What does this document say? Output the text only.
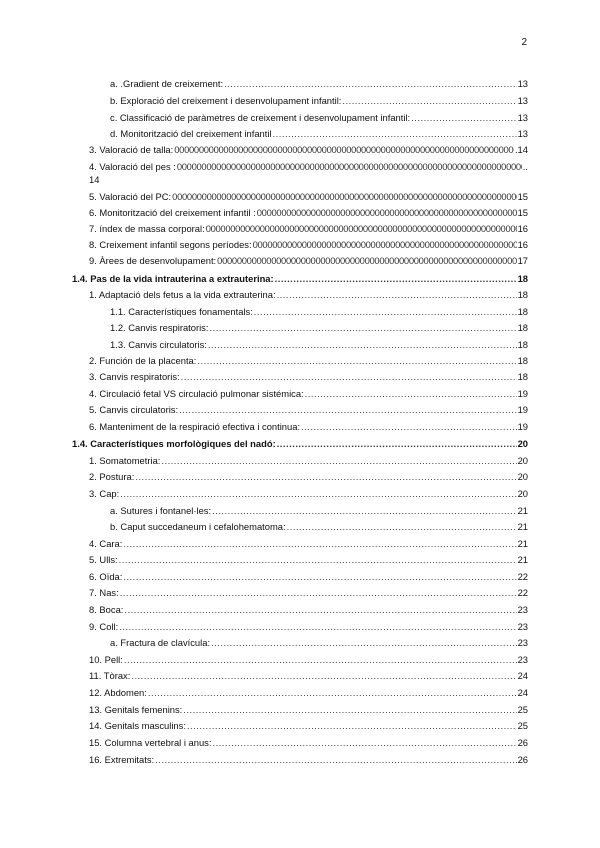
2
a. .Gradient de creixement: .....	13
b. Exploració del creixement i desenvolupament infantil: .....	13
c. Classificació de paràmetres de creixement i desenvolupament infantil: .....	13
d. Monitorització del creixement infantil .....	13
3. Valoració de talla: 00000000000000000000000000000000000000000000000000000000000000000000000000000000000000000000000000000000000000000000000000000000	.14
4. Valoració del pes : 00000000000000000000000000000000000000000000000000000000000000000000000000000000000000000000000000000000000000000000000000000000	..
14
5. Valoració del PC: 00000000000000000000000000000000000000000000000000000000000000000000000000000000000000000000000000000000000000000000000000000000	15
6. Monitorització del creixement infantil : 00000000000000000000000000000000000000000000000000000000000000000000000000000000000000000000000000000000000000000000000000000000	15
7. índex de massa corporal: 00000000000000000000000000000000000000000000000000000000000000000000000000000000000000000000000000000000000000000000000000000000	16
8. Creixement infantil segons períodes: 00000000000000000000000000000000000000000000000000000000000000000000000000000000000000000000000000000000000000000000000000000000	16
9. Àrees de desenvolupament: 00000000000000000000000000000000000000000000000000000000000000000000000000000000000000000000000000000000000000000000000000000000	17
1.4. Pas de la vida intrauterina a extrauterina: .....	18
1. Adaptació dels fetus a la vida extrauterina: .....	18
1.1. Característiques fonamentals: .....	18
1.2. Canvis respiratoris: .....	18
1.3. Canvis circulatoris: .....	18
2. Función de la placenta: .....	18
3. Canvis respiratoris: .....	18
4. Circulació fetal VS circulació pulmonar sistémica: .....	19
5. Canvis circulatoris: .....	19
6. Manteniment de la respiració efectiva i continua: .....	19
1.4. Característiques morfològiques del nadó: .....	20
1. Somatometria: .....	20
2. Postura: .....	20
3. Cap: .....	20
a. Sutures i fontanel·les: .....	21
b. Caput succedaneum i cefalohematoma: .....	21
4. Cara: .....	21
5. Ulls: .....	21
6. Oïda: .....	22
7. Nas: .....	22
8. Boca: .....	23
9. Coll: .....	23
a. Fractura de clavícula: .....	23
10. Pell: .....	23
11. Tòrax: .....	24
12. Abdomen: .....	24
13. Genitals femenins: .....	25
14. Genitals masculins: .....	25
15. Columna vertebral i anus: .....	26
16. Extremitats: .....	26
